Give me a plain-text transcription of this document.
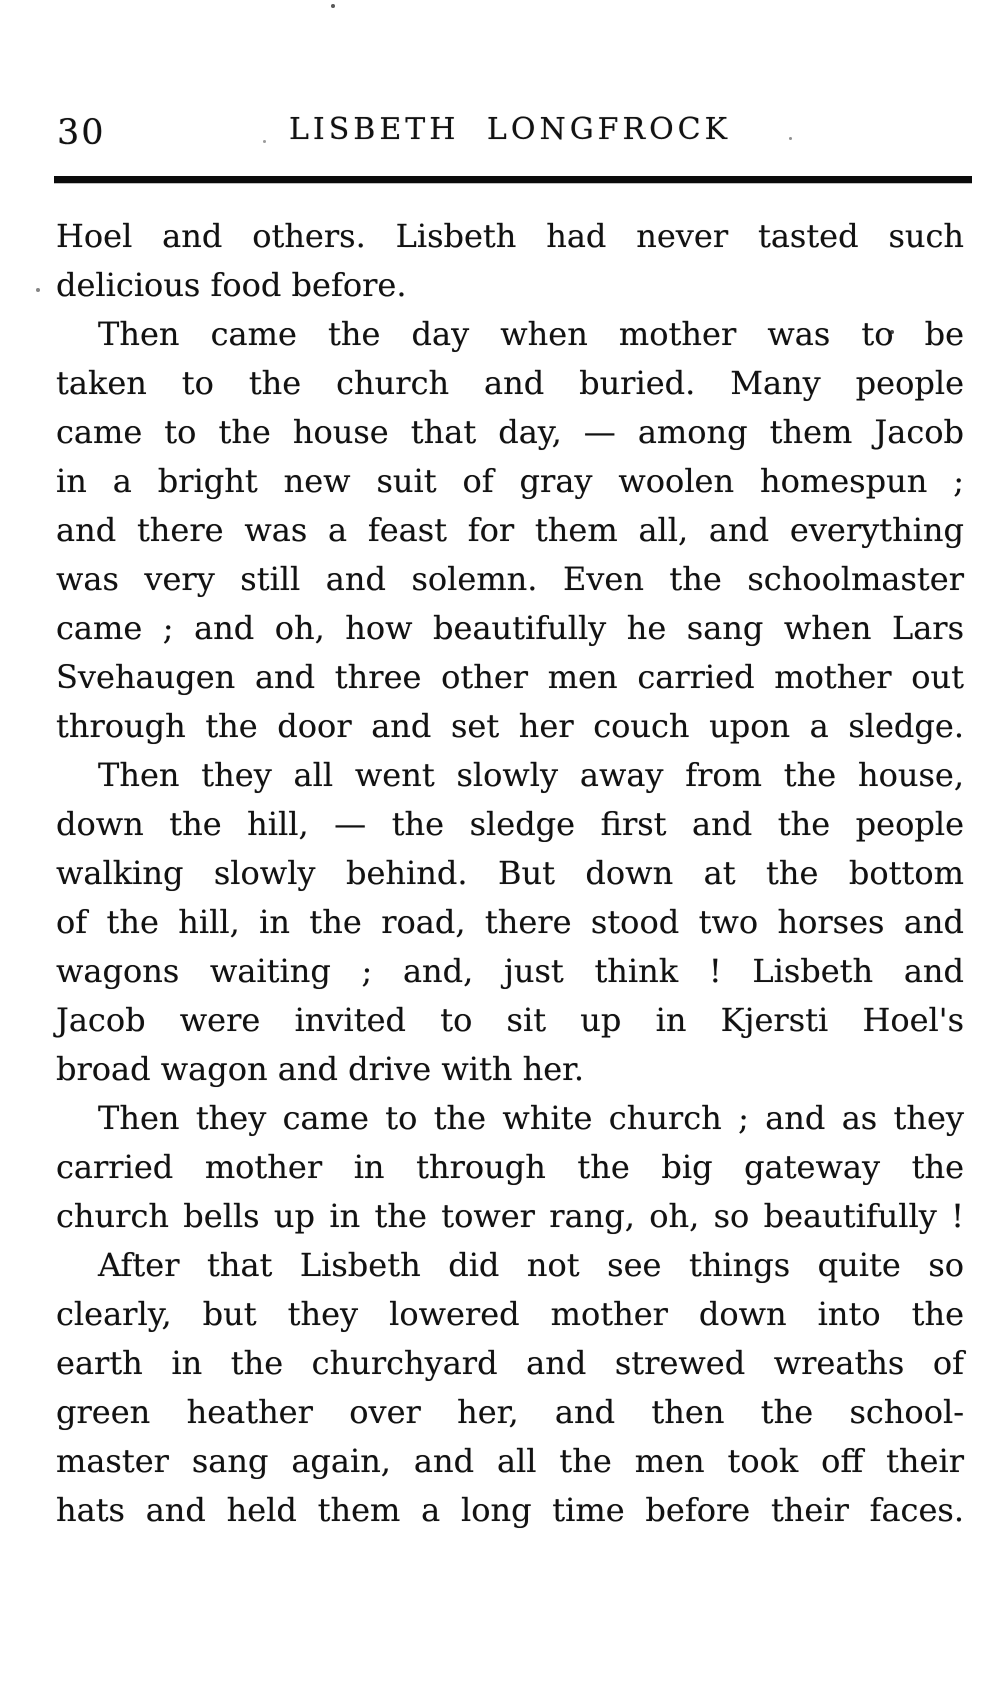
30	LISBETH LONGFROCK
Hoel and others. Lisbeth had never tasted such
delicious food before.
Then came the day when mother was to be
taken to the church and buried. Many people
came to the house that day, — among them Jacob
in a bright new suit of gray woolen homespun ;
and there was a feast for them all, and everything
was very still and solemn. Even the schoolmaster
came ; and oh, how beautifully he sang when Lars
Svehaugen and three other men carried mother out
through the door and set her couch upon a sledge.
Then they all went slowly away from the house,
down the hill, — the sledge first and the people
walking slowly behind. But down at the bottom
of the hill, in the road, there stood two horses and
wagons waiting ; and, just think ! Lisbeth and
Jacob were invited to sit up in Kjersti Hoel's
broad wagon and drive with her.
Then they came to the white church ; and as they
carried mother in through the big gateway the
church bells up in the tower rang, oh, so beautifully !
After that Lisbeth did not see things quite so
clearly, but they lowered mother down into the
earth in the churchyard and strewed wreaths of
green heather over her, and then the school-
master sang again, and all the men took off their
hats and held them a long time before their faces.
